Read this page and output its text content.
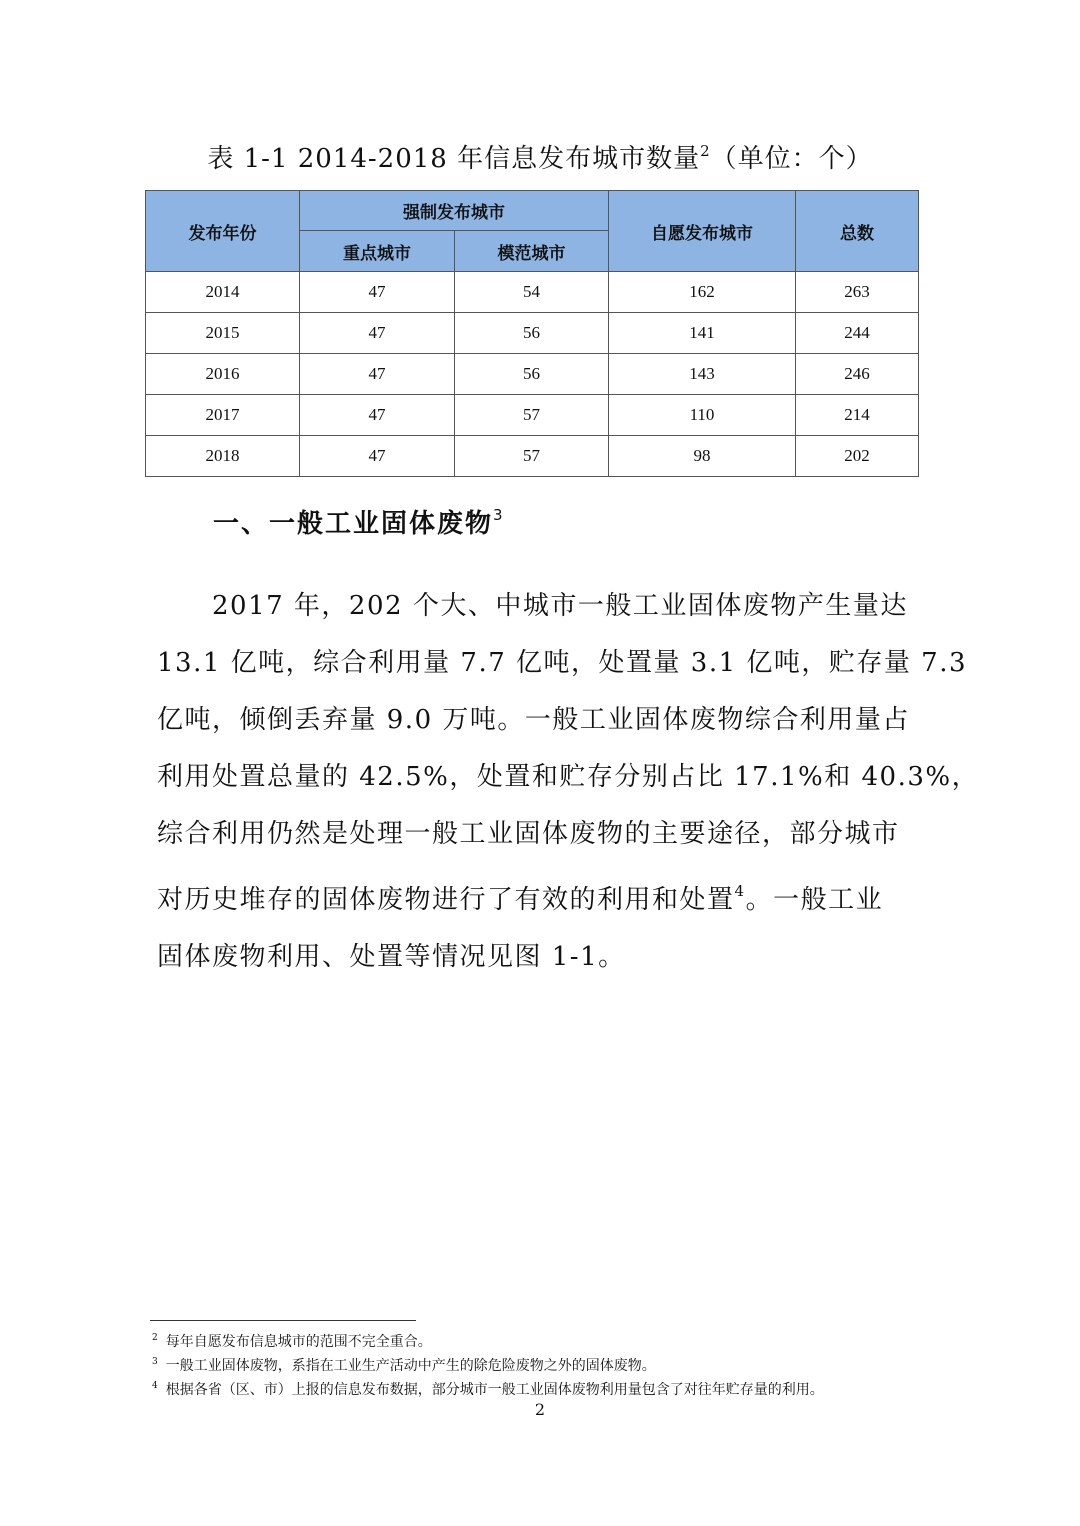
表 1-1 2014-2018 年信息发布城市数量$^2$（单位：个）
发布年份	强制发布城市		自愿发布城市	总数
	重点城市	模范城市		
2014	47	54	162	263
2015	47	56	141	244
2016	47	56	143	246
2017	47	57	110	214
2018	47	57	98	202
一、一般工业固体废物$^3$
2017 年，202 个大、中城市一般工业固体废物产生量达
13.1 亿吨，综合利用量 7.7 亿吨，处置量 3.1 亿吨，贮存量 7.3
亿吨，倾倒丢弃量 9.0 万吨。一般工业固体废物综合利用量占
利用处置总量的 42.5%，处置和贮存分别占比 17.1%和 40.3%，
综合利用仍然是处理一般工业固体废物的主要途径，部分城市
对历史堆存的固体废物进行了有效的利用和处置$^4$。一般工业
固体废物利用、处置等情况见图 1-1。
$^2$ 每年自愿发布信息城市的范围不完全重合。
$^3$ 一般工业固体废物，系指在工业生产活动中产生的除危险废物之外的固体废物。
$^4$ 根据各省（区、市）上报的信息发布数据，部分城市一般工业固体废物利用量包含了对往年贮存量的利用。
2
